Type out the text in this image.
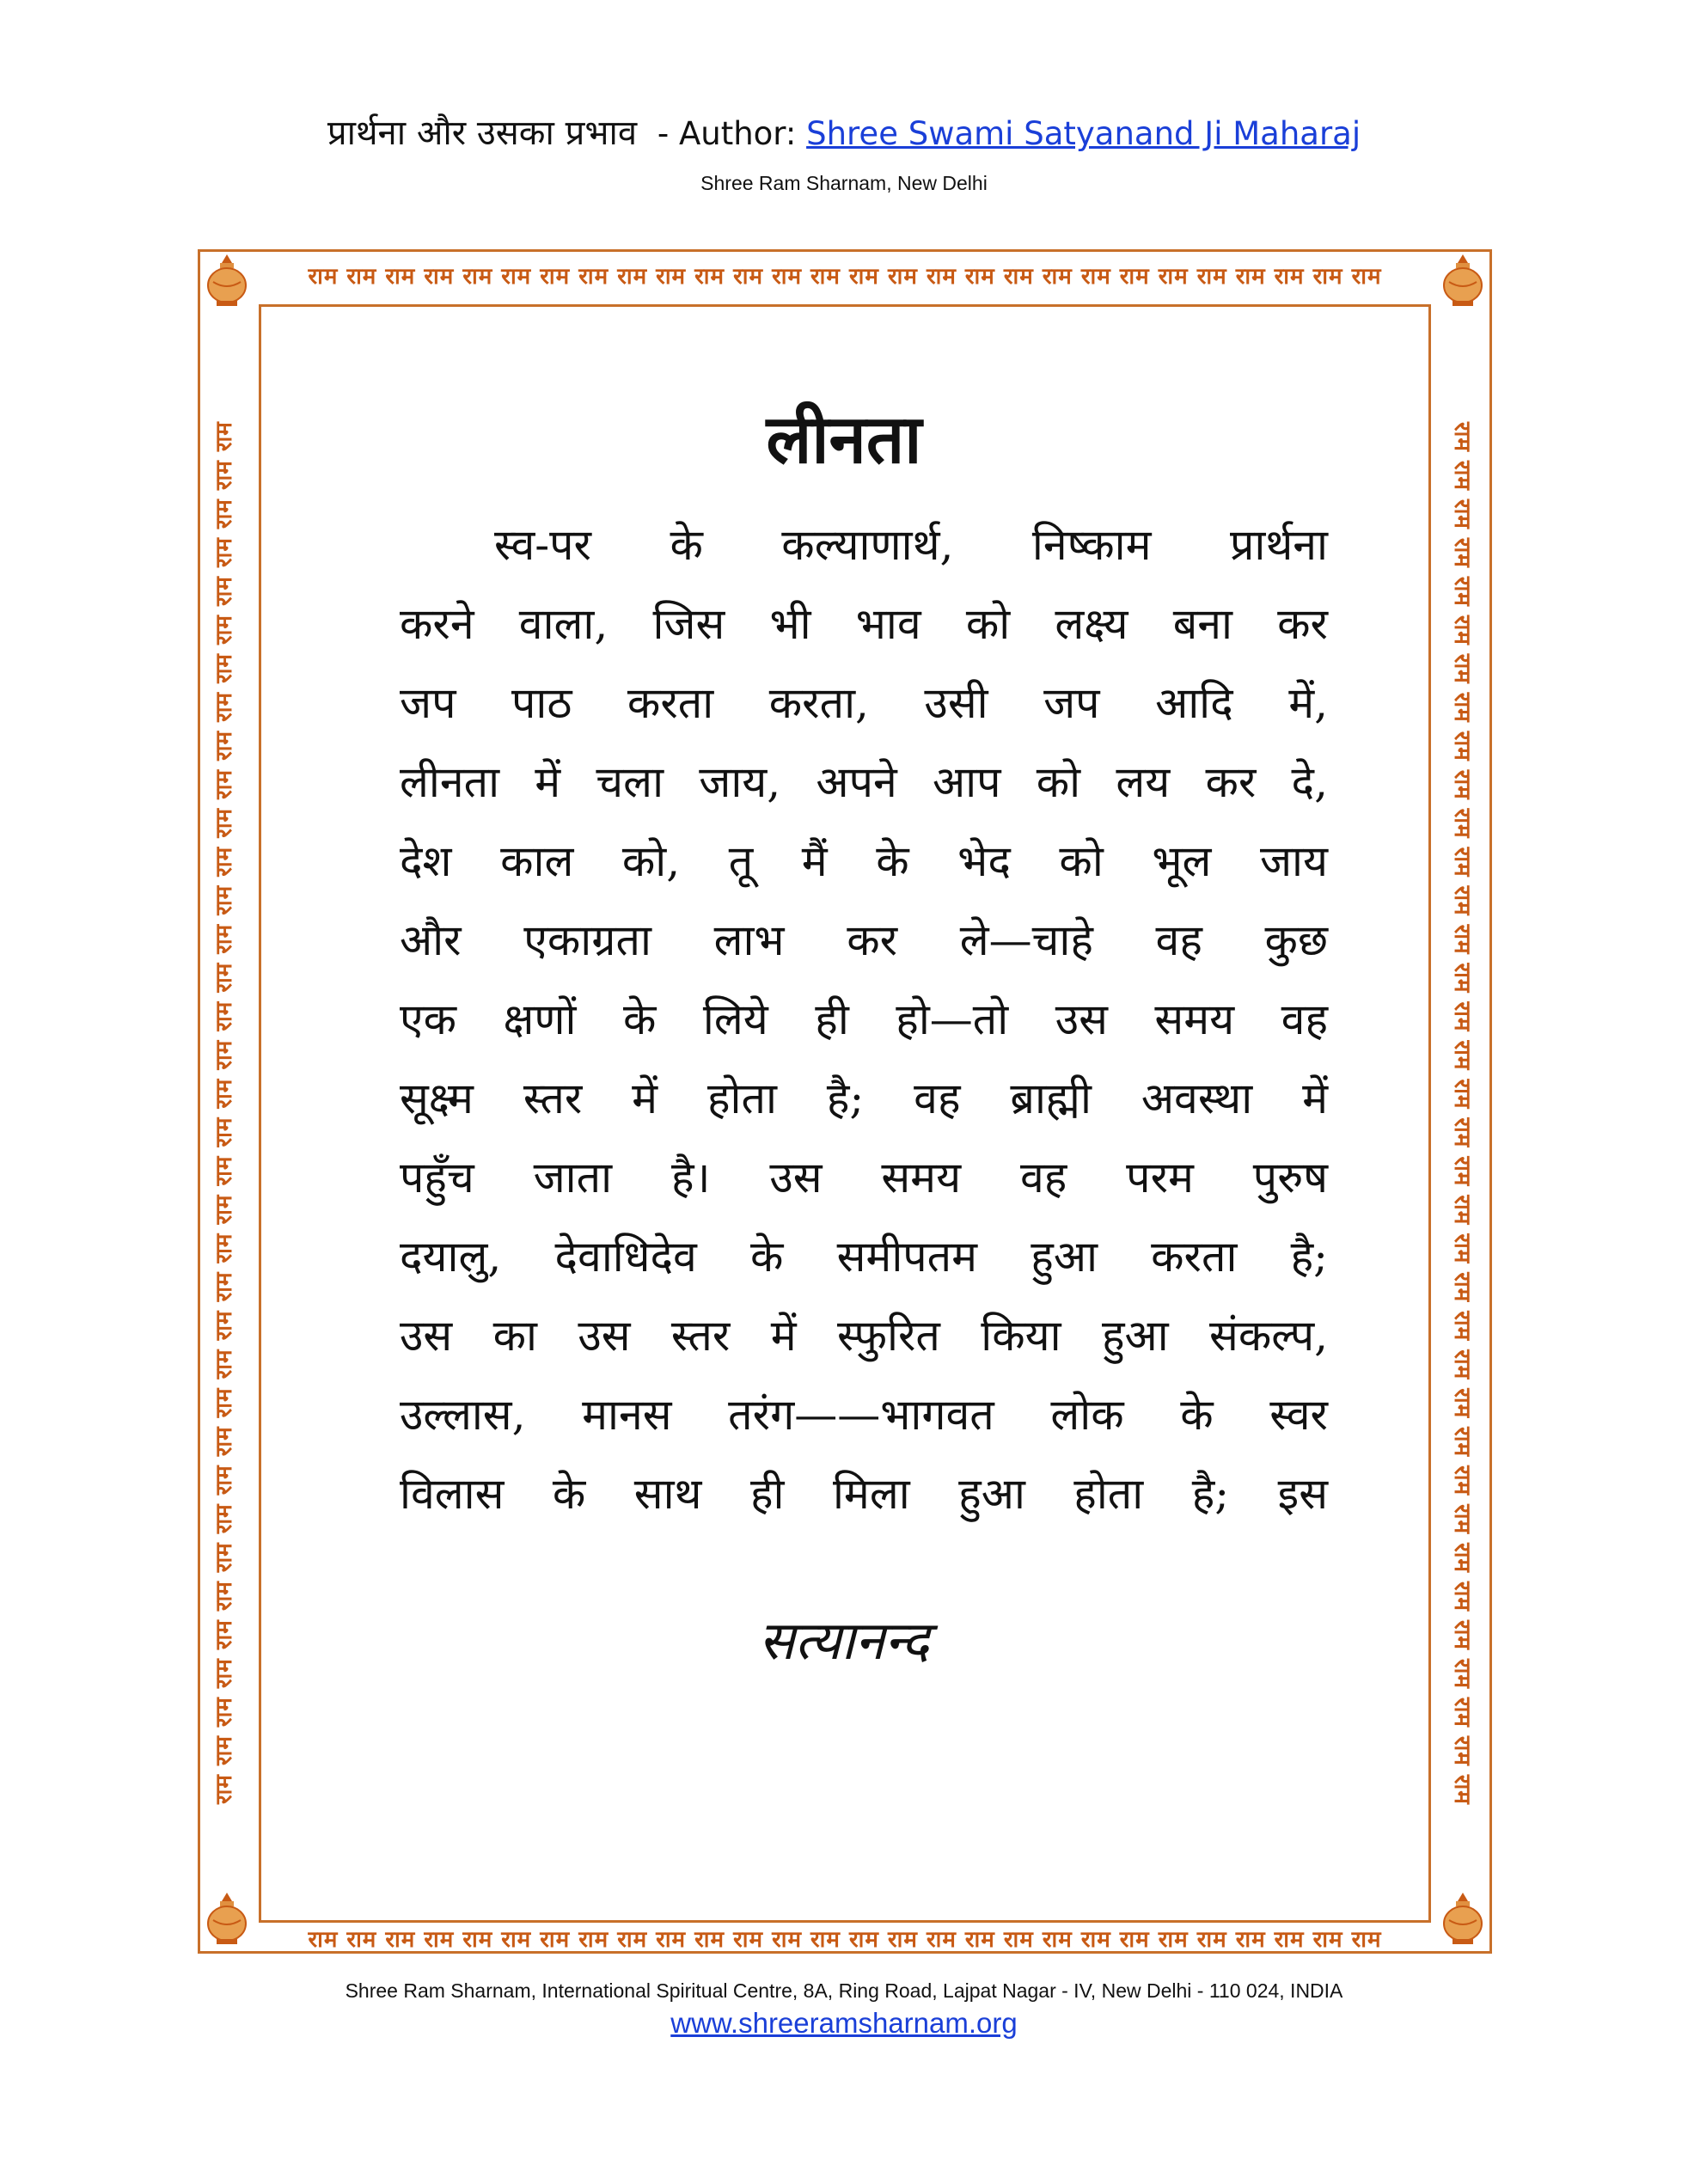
प्रार्थना और उसका प्रभाव - Author: Shree Swami Satyanand Ji Maharaj
Shree Ram Sharnam, New Delhi
राम राम राम राम राम राम राम राम राम राम राम राम राम राम राम राम राम राम राम राम राम राम राम राम राम राम राम राम
राम राम राम राम राम राम राम राम राम राम राम राम राम राम राम राम राम राम राम राम राम राम राम राम राम राम राम राम
राम राम राम राम राम राम राम राम राम राम राम राम राम राम राम राम राम राम राम राम राम राम राम राम राम राम राम राम राम राम राम राम राम राम राम राम	राम राम राम राम राम राम राम राम राम राम राम राम राम राम राम राम राम राम राम राम राम राम राम राम राम राम राम राम राम राम राम राम राम राम राम राम
लीनता
स्व-पर के कल्याणार्थ, निष्काम प्रार्थना
करने वाला, जिस भी भाव को लक्ष्य बना कर
जप पाठ करता करता, उसी जप आदि में,
लीनता में चला जाय, अपने आप को लय कर दे,
देश काल को, तू मैं के भेद को भूल जाय
और एकाग्रता लाभ कर ले—चाहे वह कुछ
एक क्षणों के लिये ही हो—तो उस समय वह
सूक्ष्म स्तर में होता है; वह ब्राह्मी अवस्था में
पहुँच जाता है। उस समय वह परम पुरुष
दयालु, देवाधिदेव के समीपतम हुआ करता है;
उस का उस स्तर में स्फुरित किया हुआ संकल्प,
उल्लास, मानस तरंग——भागवत लोक के स्वर
विलास के साथ ही मिला हुआ होता है; इस
सत्यानन्द
Shree Ram Sharnam, International Spiritual Centre, 8A, Ring Road, Lajpat Nagar - IV, New Delhi - 110 024, INDIA
www.shreeramsharnam.org
